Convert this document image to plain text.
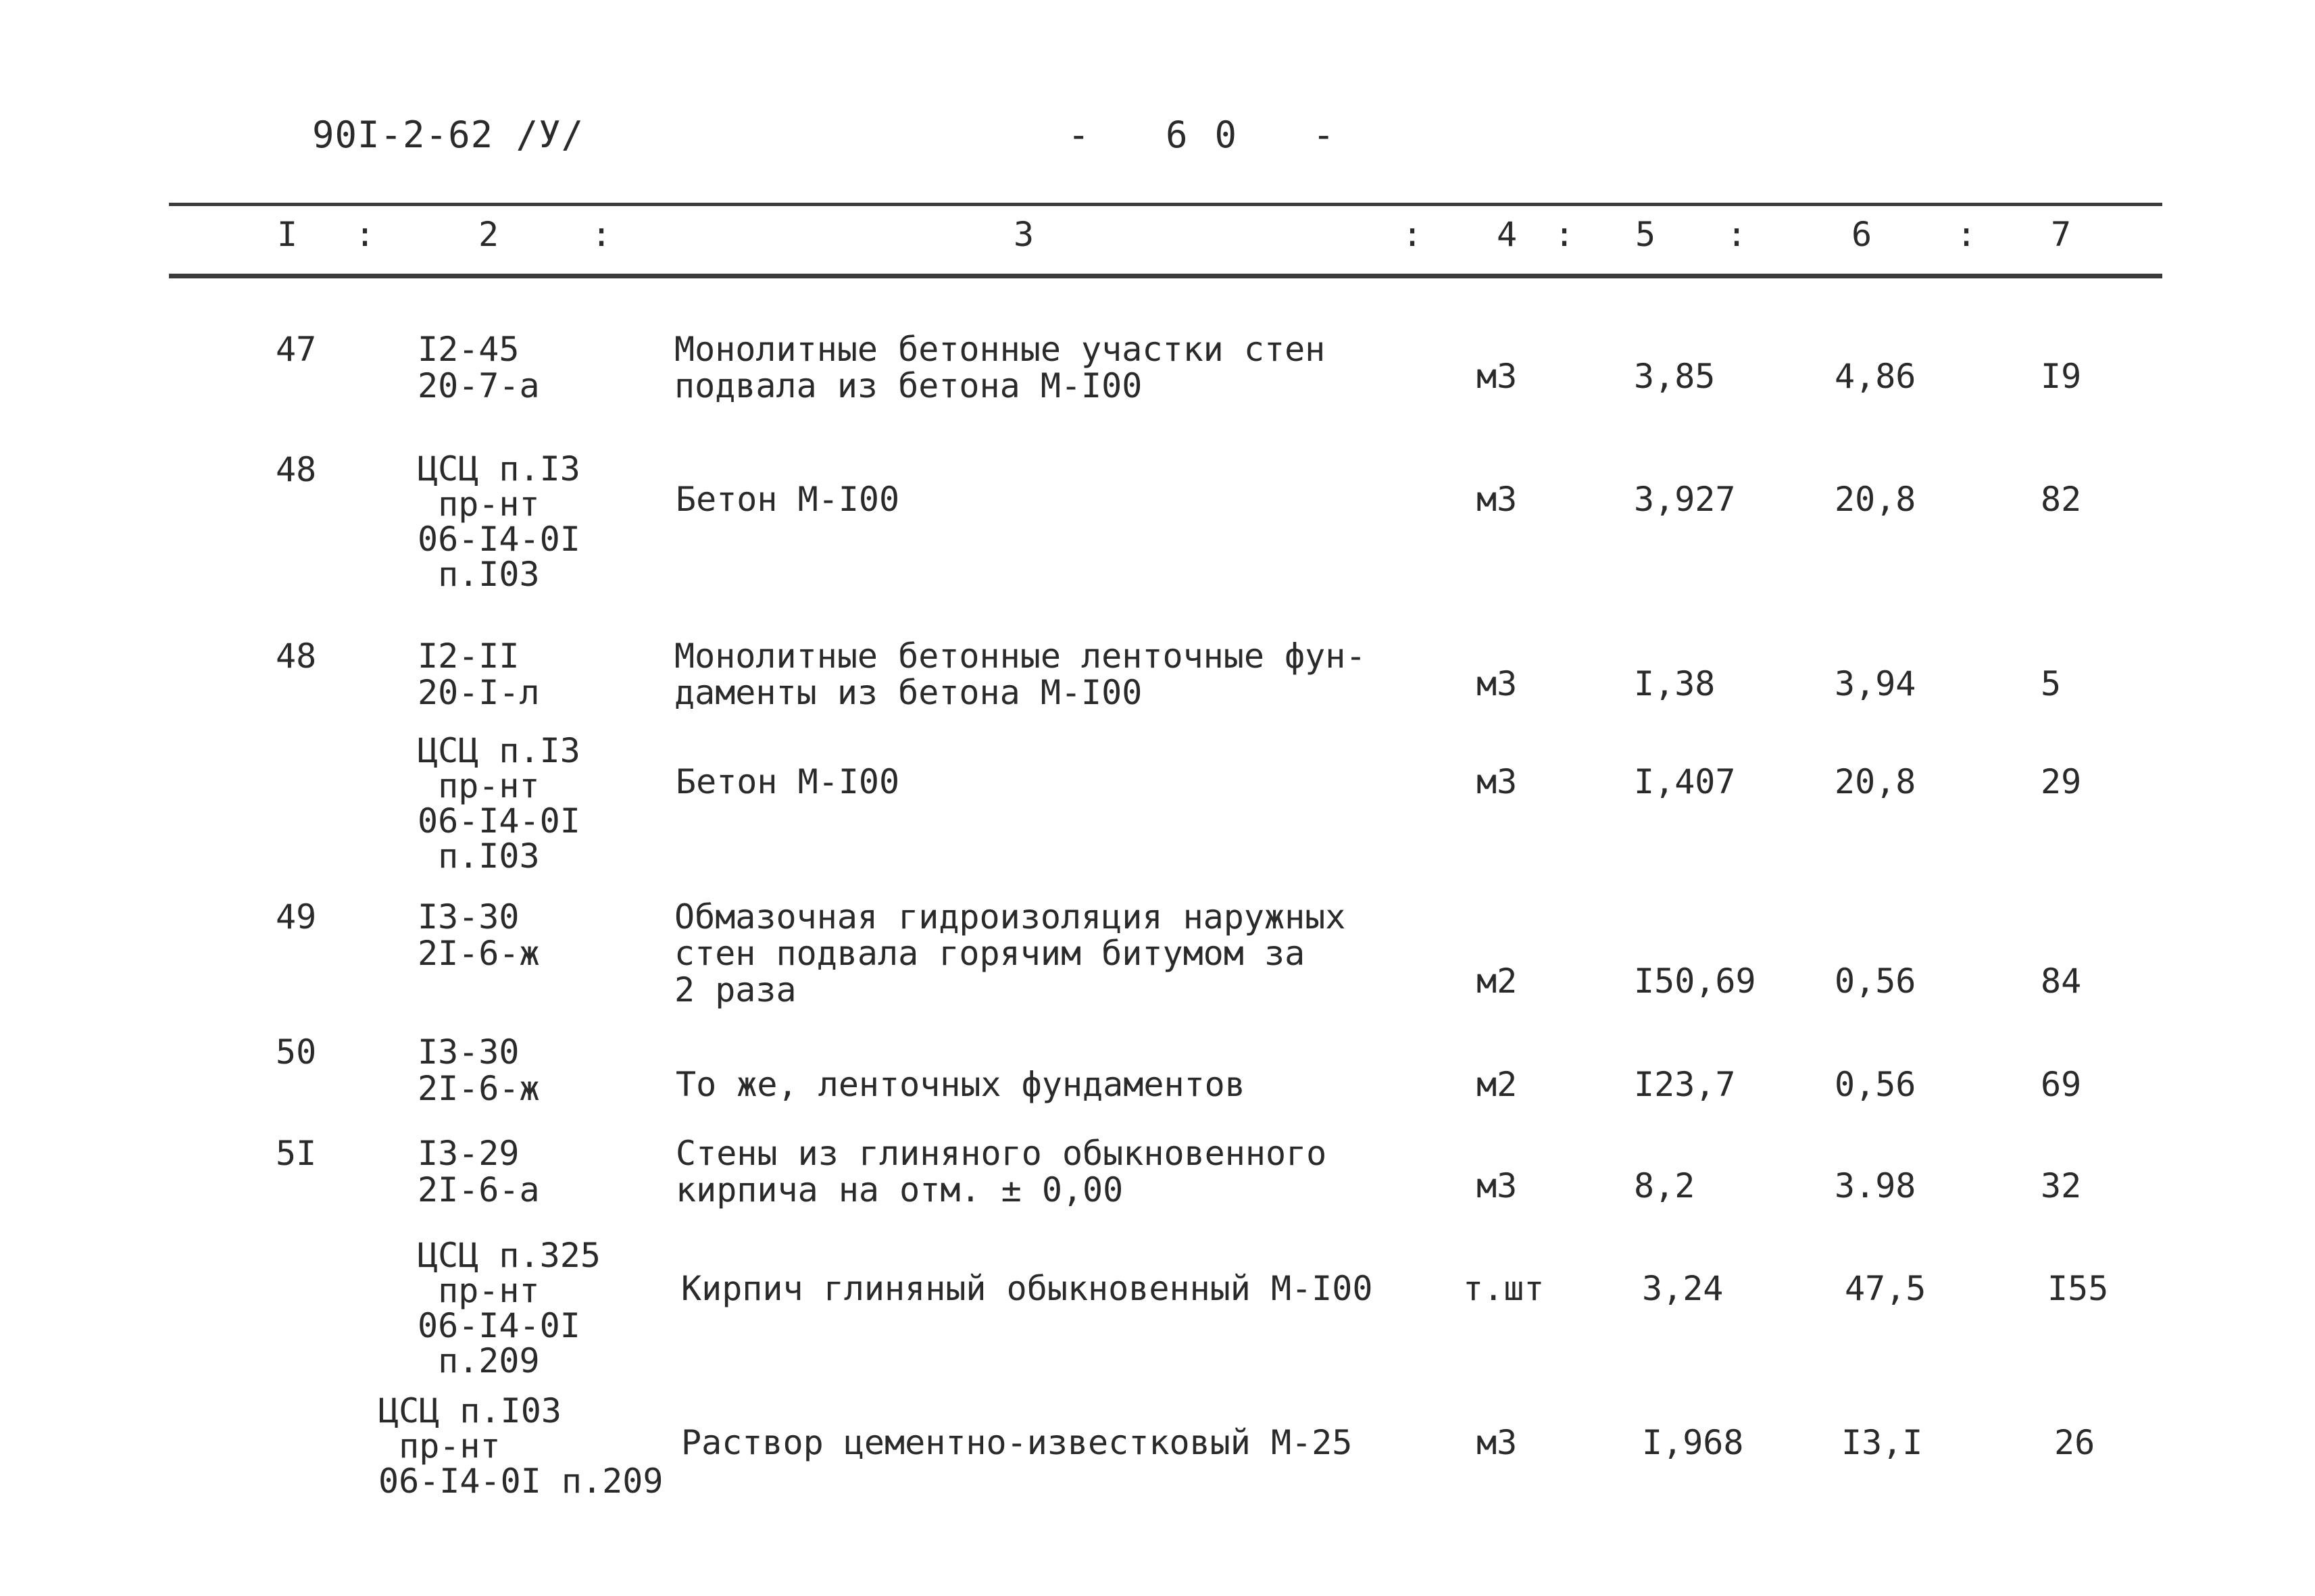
90I-2-62 /У/	- 60 -
I :	2	:	3	: 4 : 5 :	6 : 7
47	I2-45
20-7-a
Монолитные бетонные участки стен
подвала из бетона М-I00	м3	3,85	4,86	I9
48	ЦСЦ п.I3
пр-нт
06-I4-0I
п.I03
Бетон М-I00	м3	3,927	20,8	82
48	I2-II
20-I-л
Монолитные бетонные ленточные фун-
даменты из бетона М-I00	м3	I,38	3,94	5
ЦСЦ п.I3
пр-нт
06-I4-0I
п.I03
Бетон М-I00	м3	I,407	20,8	29
49	I3-30
2I-6-ж
Обмазочная гидроизоляция наружных
стен подвала горячим битумом за
2 раза	м2	I50,69 0,56	84
50	I3-30
2I-6-ж	То же, ленточных фундаментов	м2	I23,7	0,56	69
5I	I3-29
2I-6-а
Стены из глиняного обыкновенного
кирпича на отм. ± 0,00	м3	8,2	3.98	32
ЦСЦ п.325
пр-нт
06-I4-0I
п.209
Кирпич глиняный обыкновенный М-I00	т.шт	3,24	47,5	I55
ЦСЦ п.I03
пр-нт
06-I4-0I п.209
Раствор цементно-известковый М-25	м3	I,968	I3,I	26
